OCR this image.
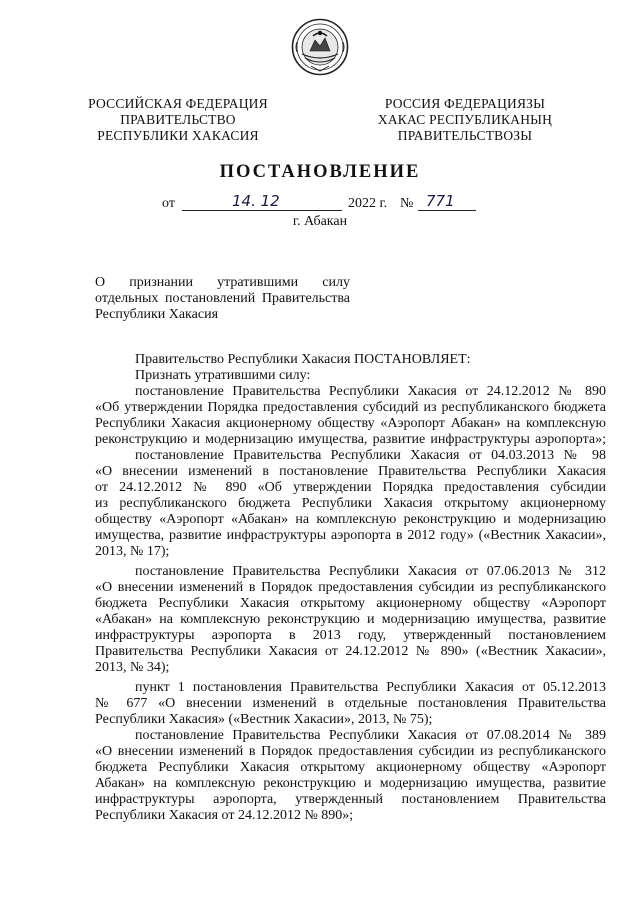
РОССИЙСКАЯ ФЕДЕРАЦИЯ
ПРАВИТЕЛЬСТВО
РЕСПУБЛИКИ ХАКАСИЯ
РОССИЯ ФЕДЕРАЦИЯЗЫ
ХАКАС РЕСПУБЛИКАНЫҢ
ПРАВИТЕЛЬСТВОЗЫ
ПОСТАНОВЛЕНИЕ
от	14. 12	2022 г. № 771
г. Абакан
О признании утратившими силу
отдельных постановлений Правительства
Республики Хакасия
Правительство Республики Хакасия ПОСТАНОВЛЯЕТ:
Признать утратившими силу:
постановление Правительства Республики Хакасия от 24.12.2012 № 890
«Об утверждении Порядка предоставления субсидий из республиканского бюджета
Республики Хакасия акционерному обществу «Аэропорт Абакан» на комплексную
реконструкцию и модернизацию имущества, развитие инфраструктуры аэропорта»;
постановление Правительства Республики Хакасия от 04.03.2013 № 98
«О внесении изменений в постановление Правительства Республики Хакасия
от 24.12.2012 № 890 «Об утверждении Порядка предоставления субсидии
из республиканского бюджета Республики Хакасия открытому акционерному
обществу «Аэропорт «Абакан» на комплексную реконструкцию и модернизацию
имущества, развитие инфраструктуры аэропорта в 2012 году» («Вестник Хакасии»,
2013, № 17);
постановление Правительства Республики Хакасия от 07.06.2013 № 312
«О внесении изменений в Порядок предоставления субсидии из республиканского
бюджета Республики Хакасия открытому акционерному обществу «Аэропорт
«Абакан» на комплексную реконструкцию и модернизацию имущества, развитие
инфраструктуры аэропорта в 2013 году, утвержденный постановлением
Правительства Республики Хакасия от 24.12.2012 № 890» («Вестник Хакасии»,
2013, № 34);
пункт 1 постановления Правительства Республики Хакасия от 05.12.2013
№ 677 «О внесении изменений в отдельные постановления Правительства
Республики Хакасия» («Вестник Хакасии», 2013, № 75);
постановление Правительства Республики Хакасия от 07.08.2014 № 389
«О внесении изменений в Порядок предоставления субсидии из республиканского
бюджета Республики Хакасия открытому акционерному обществу «Аэропорт
Абакан» на комплексную реконструкцию и модернизацию имущества, развитие
инфраструктуры аэропорта, утвержденный постановлением Правительства
Республики Хакасия от 24.12.2012 № 890»;
